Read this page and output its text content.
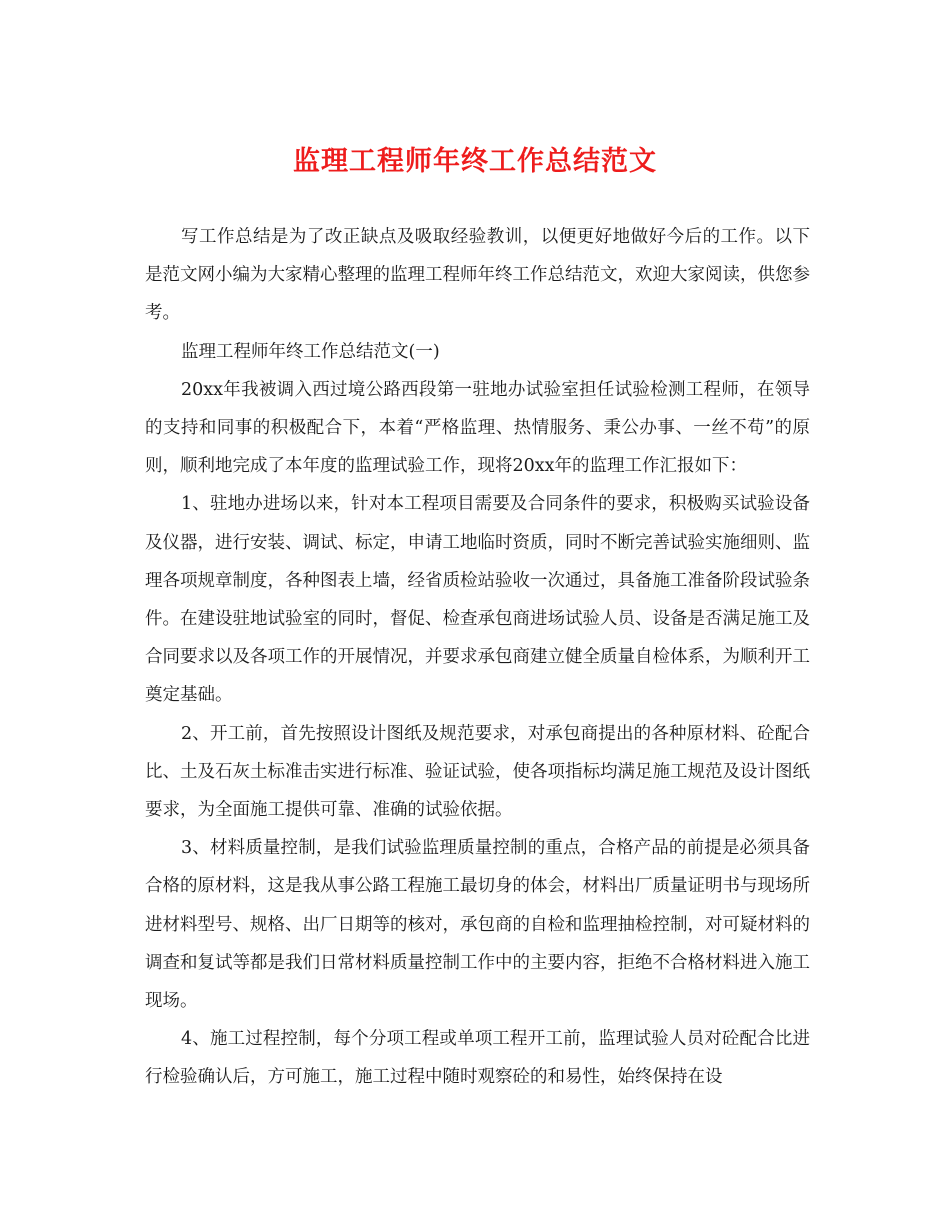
监理工程师年终工作总结范文

写工作总结是为了改正缺点及吸取经验教训，以便更好地做好今后的工作。以下是范文网小编为大家精心整理的监理工程师年终工作总结范文，欢迎大家阅读，供您参考。

监理工程师年终工作总结范文(一)

20xx年我被调入西过境公路西段第一驻地办试验室担任试验检测工程师，在领导的支持和同事的积极配合下，本着“严格监理、热情服务、秉公办事、一丝不苟”的原则，顺利地完成了本年度的监理试验工作，现将20xx年的监理工作汇报如下：

1、驻地办进场以来，针对本工程项目需要及合同条件的要求，积极购买试验设备及仪器，进行安装、调试、标定，申请工地临时资质，同时不断完善试验实施细则、监理各项规章制度，各种图表上墙，经省质检站验收一次通过，具备施工准备阶段试验条件。在建设驻地试验室的同时，督促、检查承包商进场试验人员、设备是否满足施工及合同要求以及各项工作的开展情况，并要求承包商建立健全质量自检体系，为顺利开工奠定基础。

2、开工前，首先按照设计图纸及规范要求，对承包商提出的各种原材料、砼配合比、土及石灰土标准击实进行标准、验证试验，使各项指标均满足施工规范及设计图纸要求，为全面施工提供可靠、准确的试验依据。

3、材料质量控制，是我们试验监理质量控制的重点，合格产品的前提是必须具备合格的原材料，这是我从事公路工程施工最切身的体会，材料出厂质量证明书与现场所进材料型号、规格、出厂日期等的核对，承包商的自检和监理抽检控制，对可疑材料的调查和复试等都是我们日常材料质量控制工作中的主要内容，拒绝不合格材料进入施工现场。

4、施工过程控制，每个分项工程或单项工程开工前，监理试验人员对砼配合比进行检验确认后，方可施工，施工过程中随时观察砼的和易性，始终保持在设
